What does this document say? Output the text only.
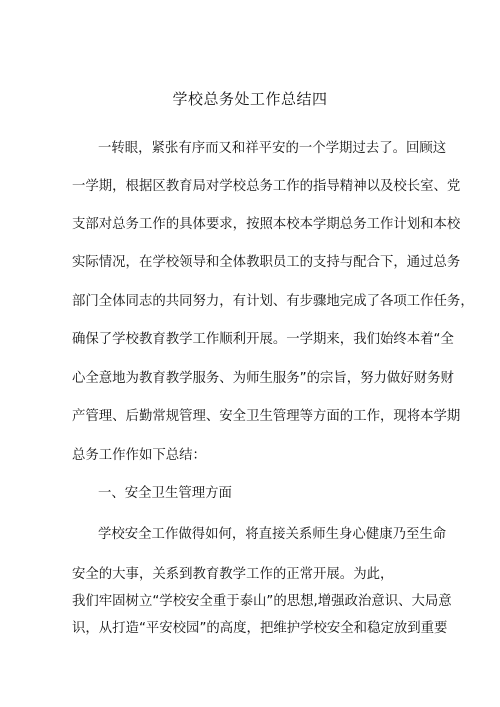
学校总务处工作总结四
一转眼，紧张有序而又和祥平安的一个学期过去了。回顾这
一学期，根据区教育局对学校总务工作的指导精神以及校长室、党
支部对总务工作的具体要求，按照本校本学期总务工作计划和本校
实际情况，在学校领导和全体教职员工的支持与配合下，通过总务
部门全体同志的共同努力，有计划、有步骤地完成了各项工作任务，
确保了学校教育教学工作顺利开展。一学期来，我们始终本着“全
心全意地为教育教学服务、为师生服务”的宗旨，努力做好财务财
产管理、后勤常规管理、安全卫生管理等方面的工作，现将本学期
总务工作作如下总结：
一、安全卫生管理方面
学校安全工作做得如何，将直接关系师生身心健康乃至生命
安全的大事，关系到教育教学工作的正常开展。为此，
我们牢固树立“学校安全重于泰山”的思想,增强政治意识、大局意
识，从打造“平安校园”的高度，把维护学校安全和稳定放到重要
